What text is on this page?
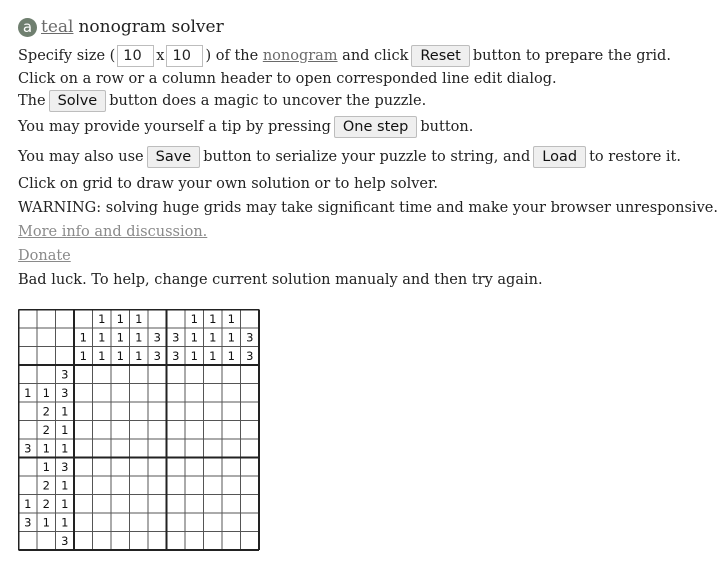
a teal nonogram solver
Specify size ( 10	x 10	) of the
nonogram
and click Reset button to prepare the grid.
Click on a row or a column header to open corresponded line edit dialog.
The Solve button does a magic to uncover the puzzle.
You may provide yourself a tip by pressing One step button.
You may also use Save button to serialize your puzzle to string, and Load to restore it.
Click on grid to draw your own solution or to help solver.
WARNING: solving huge grids may take significant time and make your browser unresponsive.
More info and discussion.
Donate
Bad luck. To help, change current solution manualy and then try again.
1
1
1
1
1
1
1
1
1
1
1
3
3
3
3
1
1
1
1
1
1
1
1
1
3
3
3
1 1 3
2 1
2 1
3 1 1
1 3
2 1
1 2 1
3 1 1
3
